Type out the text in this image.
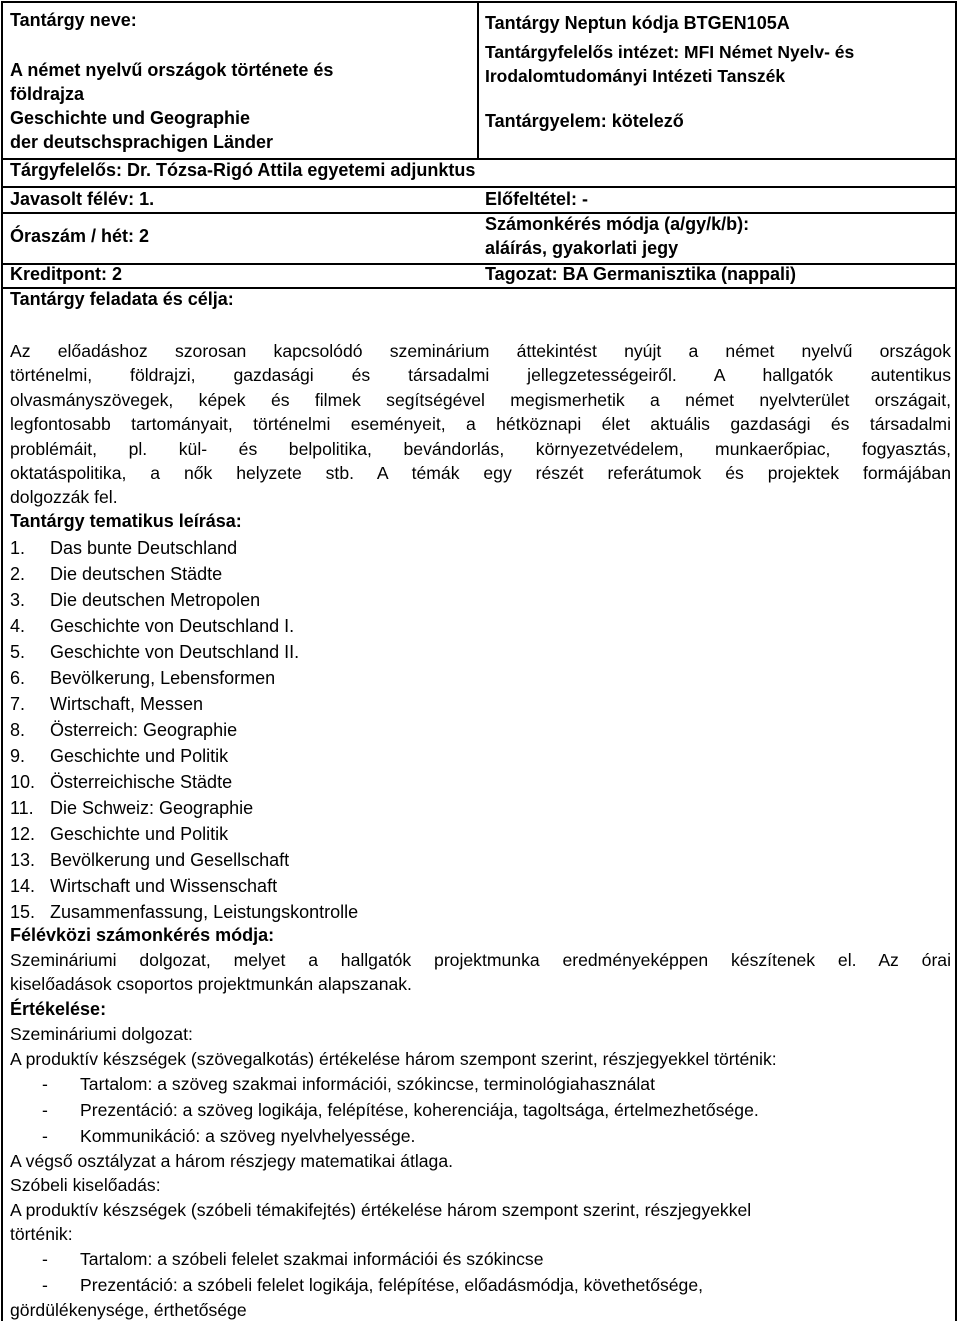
Tantárgy neve:
A német nyelvű országok története és
földrajza
Geschichte und Geographie
der deutschsprachigen Länder
Tantárgy Neptun kódja BTGEN105A
Tantárgyfelelős intézet: MFI Német Nyelv- és
Irodalomtudományi Intézeti Tanszék
Tantárgyelem: kötelező
Tárgyfelelős: Dr. Tózsa-Rigó Attila egyetemi adjunktus
Javasolt félév: 1.	Előfeltétel: -
Óraszám / hét: 2
Számonkérés módja (a/gy/k/b):
aláírás, gyakorlati jegy
Kreditpont: 2	Tagozat: BA Germanisztika (nappali)
Tantárgy feladata és célja:
Az előadáshoz szorosan kapcsolódó szeminárium áttekintést nyújt a német nyelvű országok
történelmi, földrajzi, gazdasági és társadalmi jellegzetességeiről. A hallgatók autentikus
olvasmányszövegek, képek és filmek segítségével megismerhetik a német nyelvterület országait,
legfontosabb tartományait, történelmi eseményeit, a hétköznapi élet aktuális gazdasági és társadalmi
problémáit, pl. kül- és belpolitika, bevándorlás, környezetvédelem, munkaerőpiac, fogyasztás,
oktatáspolitika, a nők helyzete stb. A témák egy részét referátumok és projektek formájában
dolgozzák fel.
Tantárgy tematikus leírása:
1. Das bunte Deutschland
2. Die deutschen Städte
3. Die deutschen Metropolen
4. Geschichte von Deutschland I.
5. Geschichte von Deutschland II.
6. Bevölkerung, Lebensformen
7. Wirtschaft, Messen
8. Österreich: Geographie
9. Geschichte und Politik
10. Österreichische Städte
11. Die Schweiz: Geographie
12. Geschichte und Politik
13. Bevölkerung und Gesellschaft
14. Wirtschaft und Wissenschaft
15. Zusammenfassung, Leistungskontrolle
Félévközi számonkérés módja:
Szemináriumi dolgozat, melyet a hallgatók projektmunka eredményeképpen készítenek el. Az órai
kiselőadások csoportos projektmunkán alapszanak.
Értékelése:
Szemináriumi dolgozat:
A produktív készségek (szövegalkotás) értékelése három szempont szerint, részjegyekkel történik:
- Tartalom: a szöveg szakmai információi, szókincse, terminológiahasználat
- Prezentáció: a szöveg logikája, felépítése, koherenciája, tagoltsága, értelmezhetősége.
- Kommunikáció: a szöveg nyelvhelyessége.
A végső osztályzat a három részjegy matematikai átlaga.
Szóbeli kiselőadás:
A produktív készségek (szóbeli témakifejtés) értékelése három szempont szerint, részjegyekkel
történik:
- Tartalom: a szóbeli felelet szakmai információi és szókincse
- Prezentáció: a szóbeli felelet logikája, felépítése, előadásmódja, követhetősége,
gördülékenysége, érthetősége
